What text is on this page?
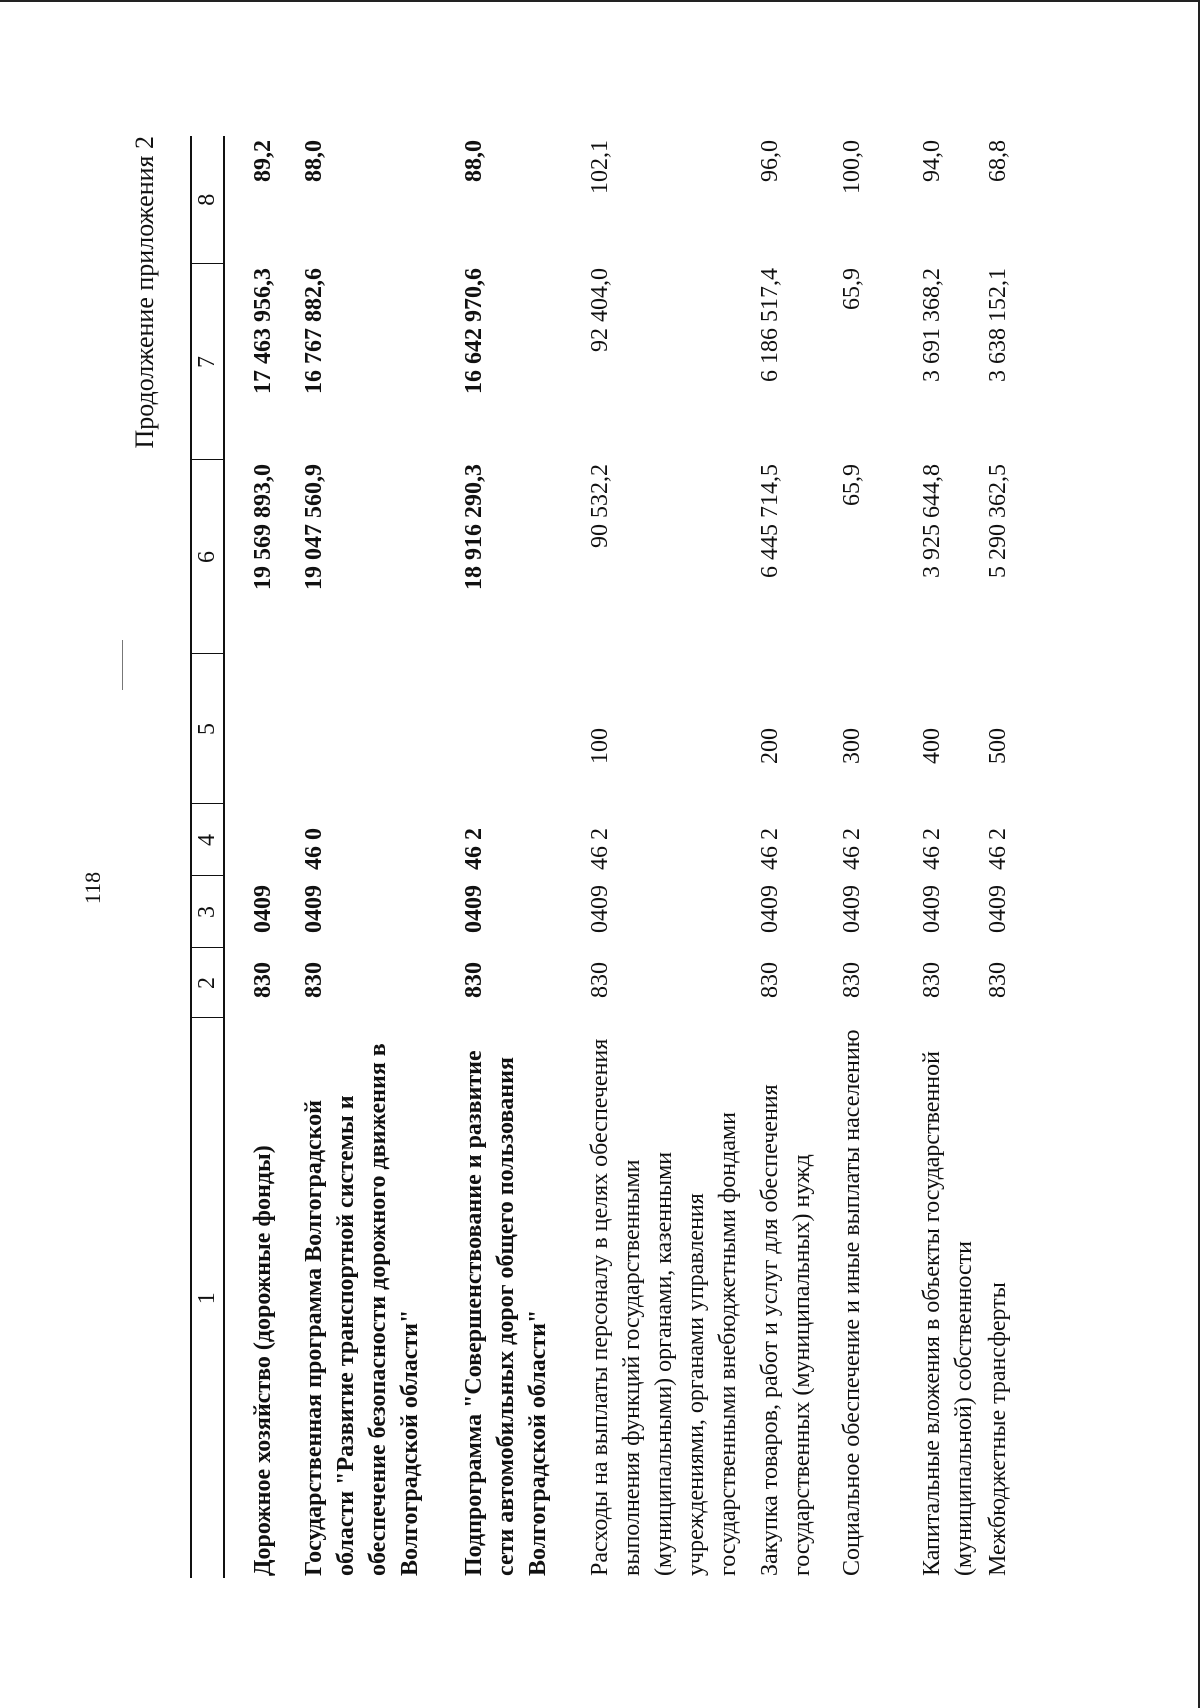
118
Продолжение приложения 2
1	2	3	4	5	6	7	8
Дорожное хозяйство (дорожные фонды)	830	0409			19 569 893,0	17 463 956,3	89,2
Государственная программа Волгоградской области "Развитие транспортной системы и обеспечение безопасности дорожного движения в Волгоградской области"	830	0409	46 0		19 047 560,9	16 767 882,6	88,0
Подпрограмма "Совершенствование и развитие сети автомобильных дорог общего пользования Волгоградской области"	830	0409	46 2		18 916 290,3	16 642 970,6	88,0
Расходы на выплаты персоналу в целях обеспечения выполнения функций государственными (муниципальными) органами, казенными учреждениями, органами управления государственными внебюджетными фондами	830	0409	46 2	100	90 532,2	92 404,0	102,1
Закупка товаров, работ и услуг для обеспечения государственных (муниципальных) нужд	830	0409	46 2	200	6 445 714,5	6 186 517,4	96,0
Социальное обеспечение и иные выплаты населению	830	0409	46 2	300	65,9	65,9	100,0
Капитальные вложения в объекты государственной (муниципальной) собственности	830	0409	46 2	400	3 925 644,8	3 691 368,2	94,0
Межбюджетные трансферты	830	0409	46 2	500	5 290 362,5	3 638 152,1	68,8
